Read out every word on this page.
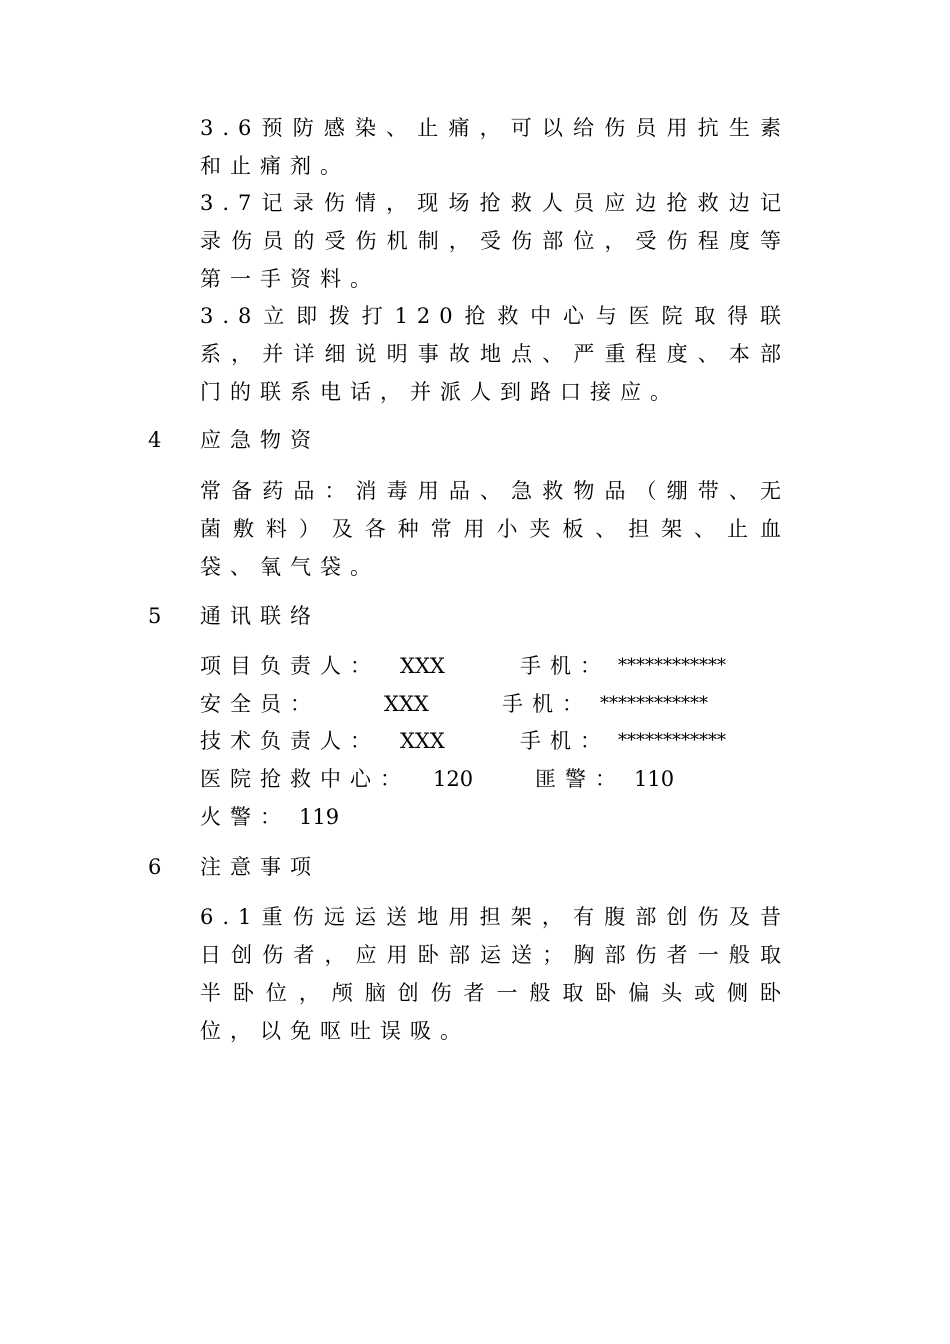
3.6预防感染、止痛，可以给伤员用抗生素和止痛剂。

3.7记录伤情，现场抢救人员应边抢救边记录伤员的受伤机制，受伤部位，受伤程度等第一手资料。

3.8立即拨打120抢救中心与医院取得联系，并详细说明事故地点、严重程度、本部门的联系电话，并派人到路口接应。

4 应急物资

常备药品：消毒用品、急救物品（绷带、无菌敷料）及各种常用小夹板、担架、止血袋、氧气袋。

5 通讯联络
项目负责人： XXX	手机： ************
安全员：	XXX	手机： ************
技术负责人： XXX	手机： ************
医院抢救中心： 120	匪警： 110
火警： 119
6 注意事项

6.1重伤远运送地用担架，有腹部创伤及昔日创伤者，应用卧部运送；胸部伤者一般取半卧位，颅脑创伤者一般取卧偏头或侧卧位，以免呕吐误吸。
